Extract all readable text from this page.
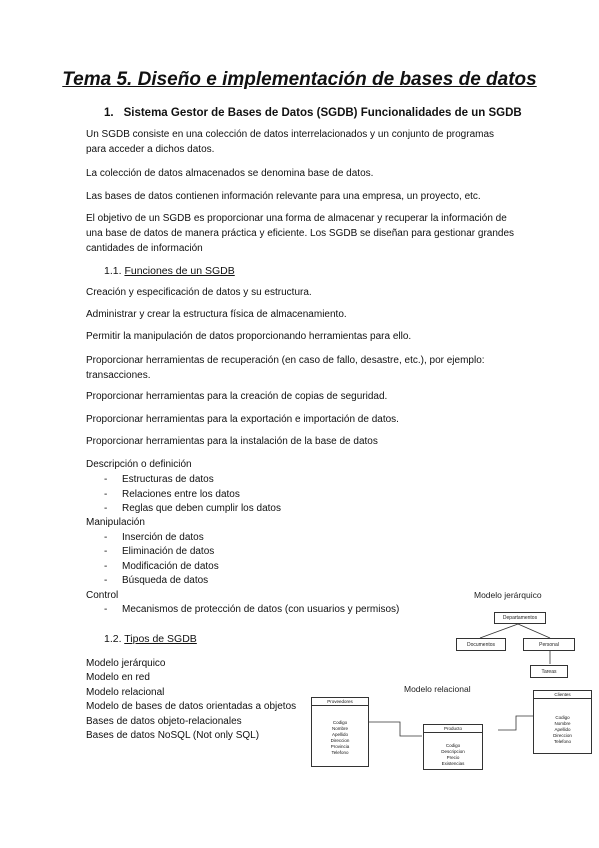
Tema 5. Diseño e implementación de bases de datos
1. Sistema Gestor de Bases de Datos (SGDB) Funcionalidades de un SGDB
Un SGDB consiste en una colección de datos interrelacionados y un conjunto de programas para acceder a dichos datos.
La colección de datos almacenados se denomina base de datos.
Las bases de datos contienen información relevante para una empresa, un proyecto, etc.
El objetivo de un SGDB es proporcionar una forma de almacenar y recuperar la información de una base de datos de manera práctica y eficiente. Los SGDB se diseñan para gestionar grandes cantidades de información
1.1. Funciones de un SGDB
Creación y especificación de datos y su estructura.
Administrar y crear la estructura física de almacenamiento.
Permitir la manipulación de datos proporcionando herramientas para ello.
Proporcionar herramientas de recuperación (en caso de fallo, desastre, etc.), por ejemplo: transacciones.
Proporcionar herramientas para la creación de copias de seguridad.
Proporcionar herramientas para la exportación e importación de datos.
Proporcionar herramientas para la instalación de la base de datos
Descripción o definición
- Estructuras de datos
- Relaciones entre los datos
- Reglas que deben cumplir los datos
Manipulación
- Inserción de datos
- Eliminación de datos
- Modificación de datos
- Búsqueda de datos
Control
- Mecanismos de protección de datos (con usuarios y permisos)
1.2. Tipos de SGDB
Modelo jerárquico
Modelo en red
Modelo relacional
Modelo de bases de datos orientadas a objetos
Bases de datos objeto-relacionales
Bases de datos NoSQL (Not only SQL)
Modelo jerárquico
Departamentos
Documentos	Personal
Tareas
Modelo relacional
Proveedores
Codigo
Nombre
Apellido
Direccion
Provincia
Telefono
Producto
Codigo
Descripcion
Precio
Existencias
Clientes
Codigo
Nombre
Apellido
Direccion
Telefono
